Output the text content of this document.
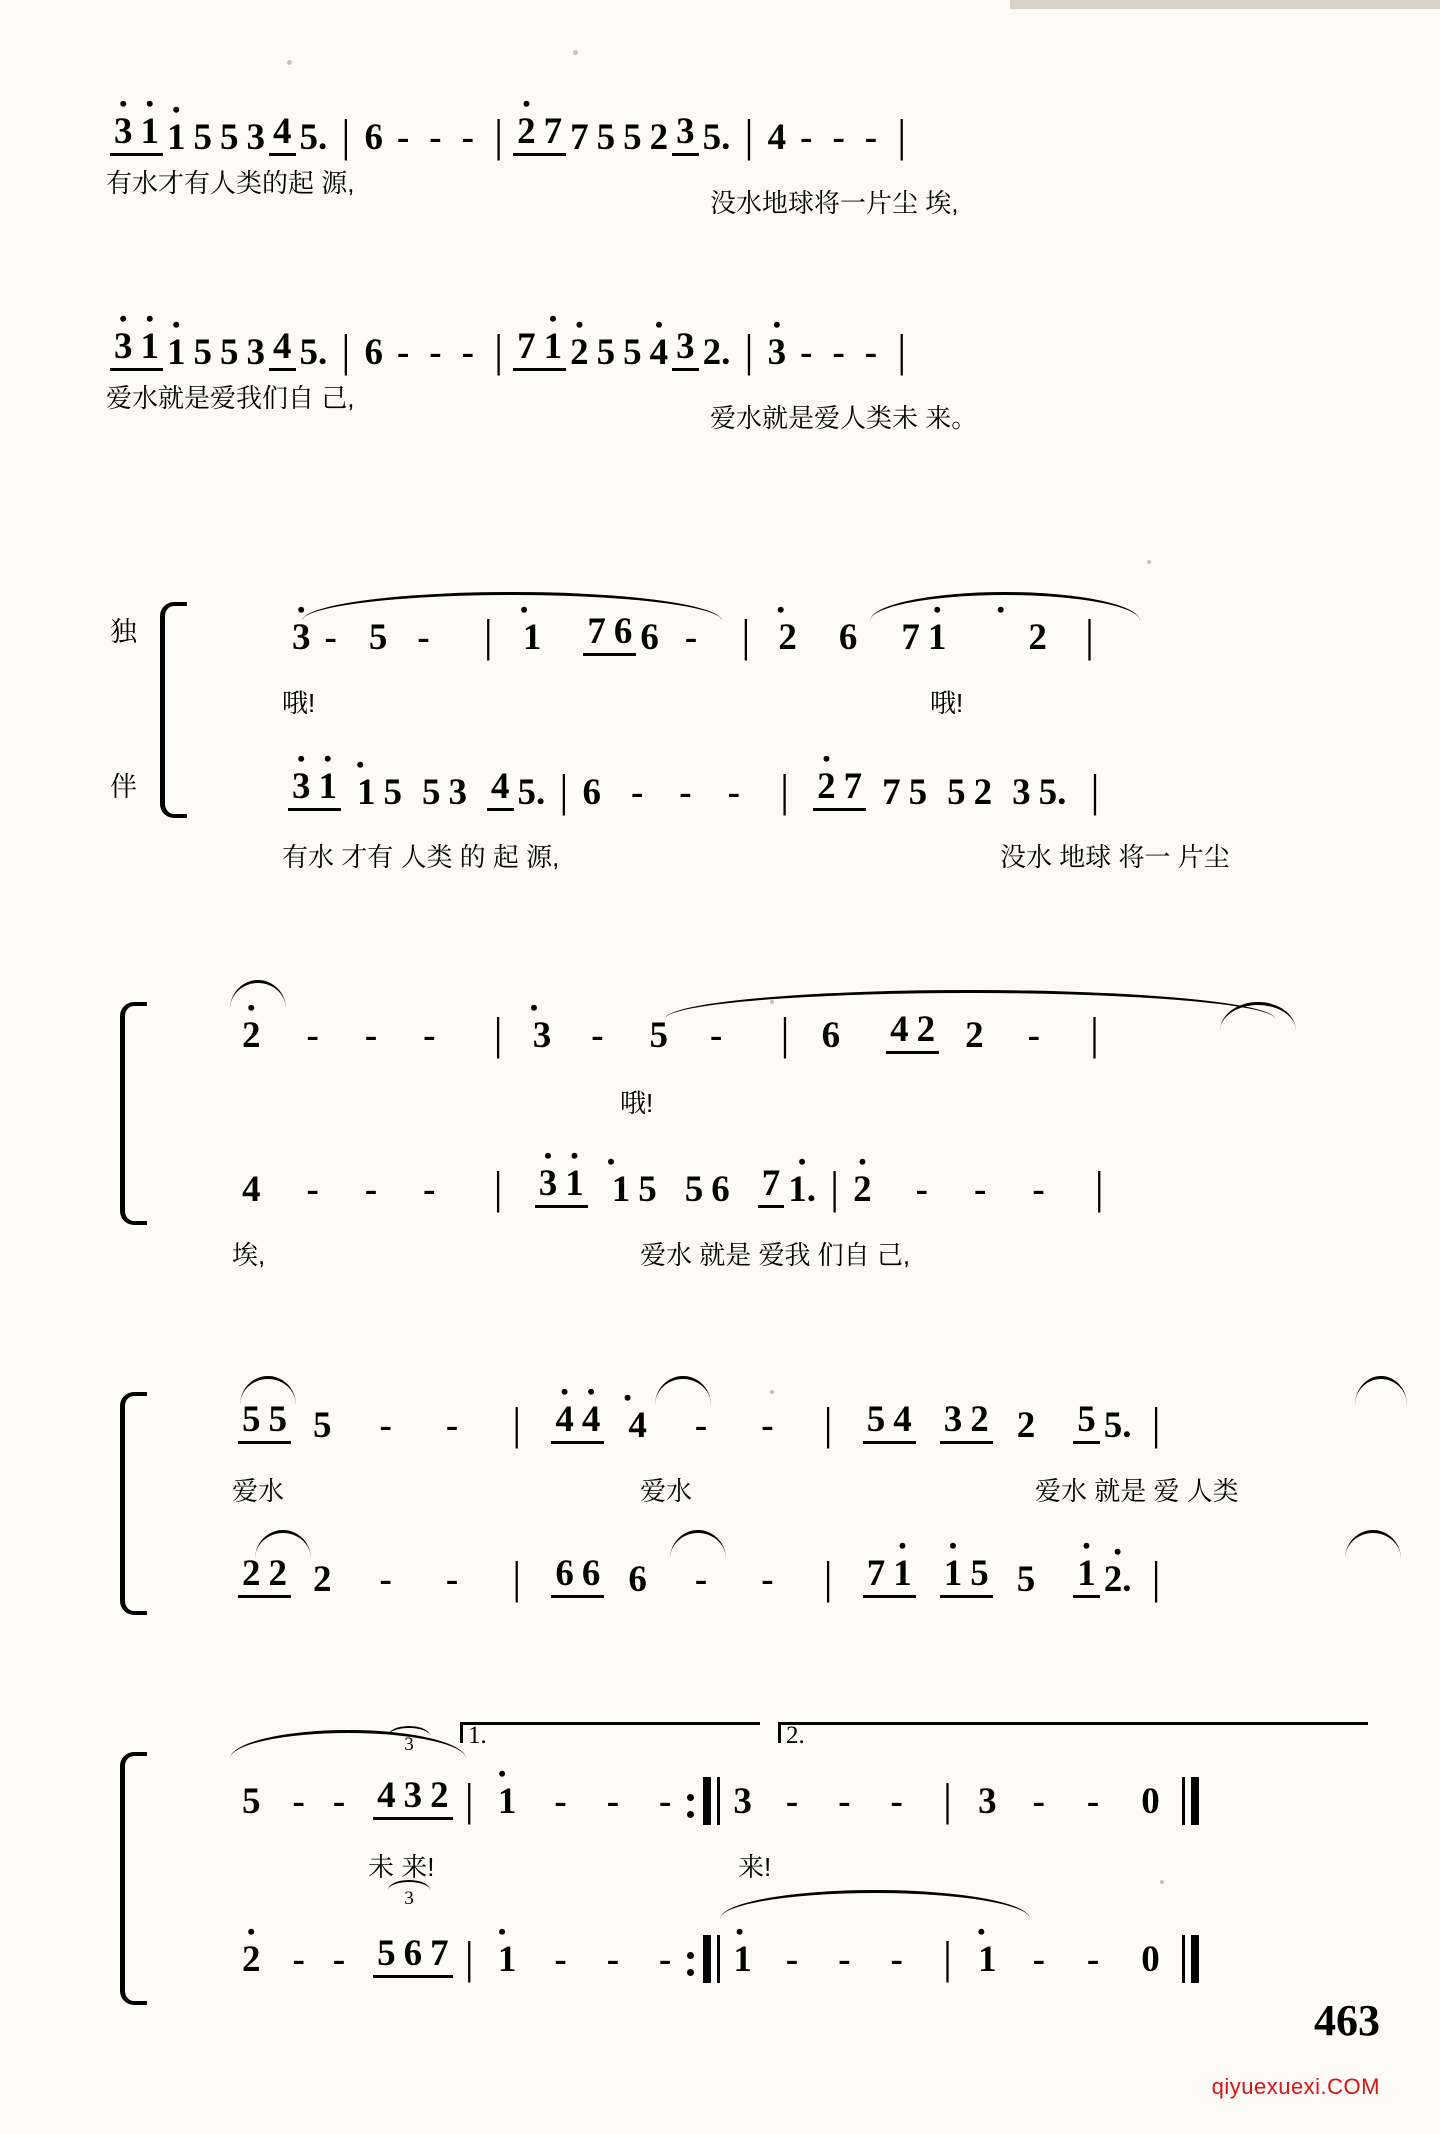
• 3 • 1 • 1 5 5 3 4 5. | 6 - - - | • 2 7 7 5 5 2 3 5. | 4 - - - |
有水才有人类的起 源,
没水地球将一片尘 埃,
• 3 • 1 • 1 5 5 3 4 5. | 6 - - - | 7 • 1 • 2 5 5 • 4 3 2. | • 3 - - - |
爱水就是爱我们自 己,
爱水就是爱人类未 来。
独
伴
• 3 - 5 -	| • 1 7 6 6 - | • 2	6	7 • 1	• 2 |
哦!	哦!
• 3 • 1 • 1 5 5 3 4 5. | 6 - - - | • 2 7 7 5 5 2 3 5. |
有水 才有 人类 的 起 源,	没水 地球 将一 片尘
• 2	-	-	-	| • 3	-	5	-	| 6 4 2 2	-	|
哦!
4	-	-	-	| • 3 • 1 • 1 5 5 6 7 • 1. | • 2	-	-	-	|
埃,	爱水 就是 爱我 们自 己,
5 5 5	-	-	| • 4 • 4 • 4	-	-	| 5 4 3 2 2 5 5. |
爱水	爱水	爱水 就是 爱 人类
2 2 2	-	-	| 6 6 6	-	-	| 7 • 1 • 1 5 5 • 1 • 2. |
3
3
1.	2.
5 - - 4 3 2 | • 1	-	-	- 3 -	-	- | 3 -	-	0
未 来!	来!
• 2 - - 5 6 7 | • 1	-	-	- • 1 -	-	- | • 1 -	-	0
463
qiyuexuexi.COM
